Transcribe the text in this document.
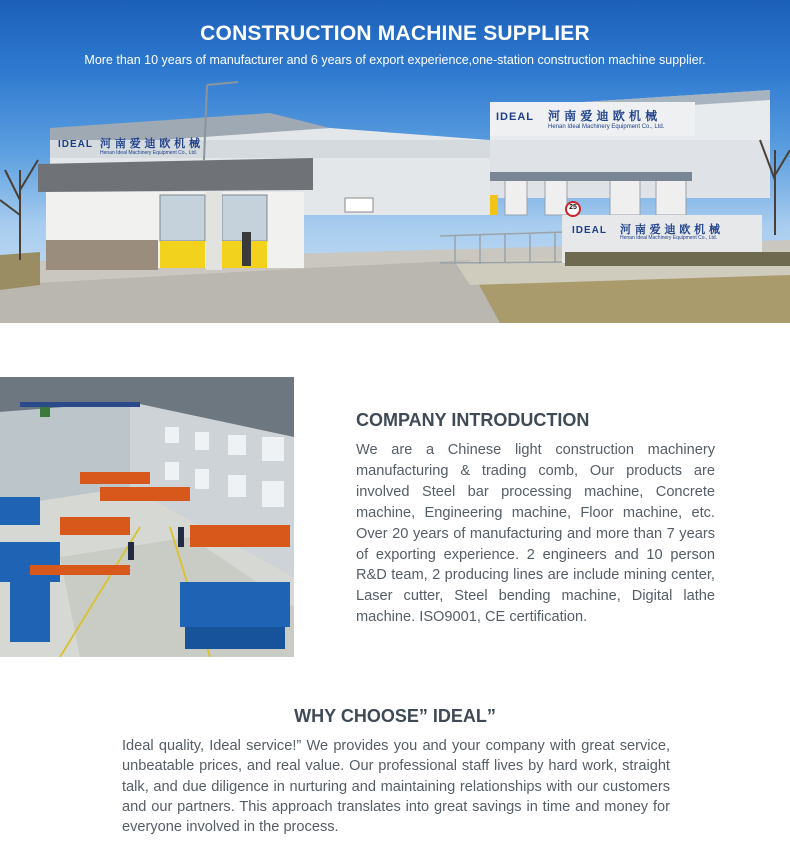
IDEAL 河 南 爱 迪 欧 机 械
Henan Ideal Machinery Equipment Co., Ltd.
IDEAL 河 南 爱 迪 欧 机 械
Henan Ideal Machinery Equipment Co., Ltd.
IDEAL 河 南 爱 迪 欧 机 械
Henan Ideal Machinery Equipment Co., Ltd.
25
CONSTRUCTION MACHINE SUPPLIER
More than 10 years of manufacturer and 6 years of export experience,one-station construction machine supplier.
COMPANY INTRODUCTION
We are a Chinese light construction machinery manufacturing & trading comb, Our products are involved Steel bar processing machine, Concrete machine, Engineering machine, Floor machine, etc. Over 20 years of manufacturing and more than 7 years of exporting experience. 2 engineers and 10 person R&D team, 2 producing lines are include mining center, Laser cutter, Steel bending machine, Digital lathe machine. ISO9001, CE certification.
WHY CHOOSE” IDEAL”
Ideal quality, Ideal service!” We provides you and your company with great service, unbeatable prices, and real value. Our professional staff lives by hard work, straight talk, and due diligence in nurturing and maintaining relationships with our customers and our partners. This approach translates into great savings in time and money for everyone involved in the process.
